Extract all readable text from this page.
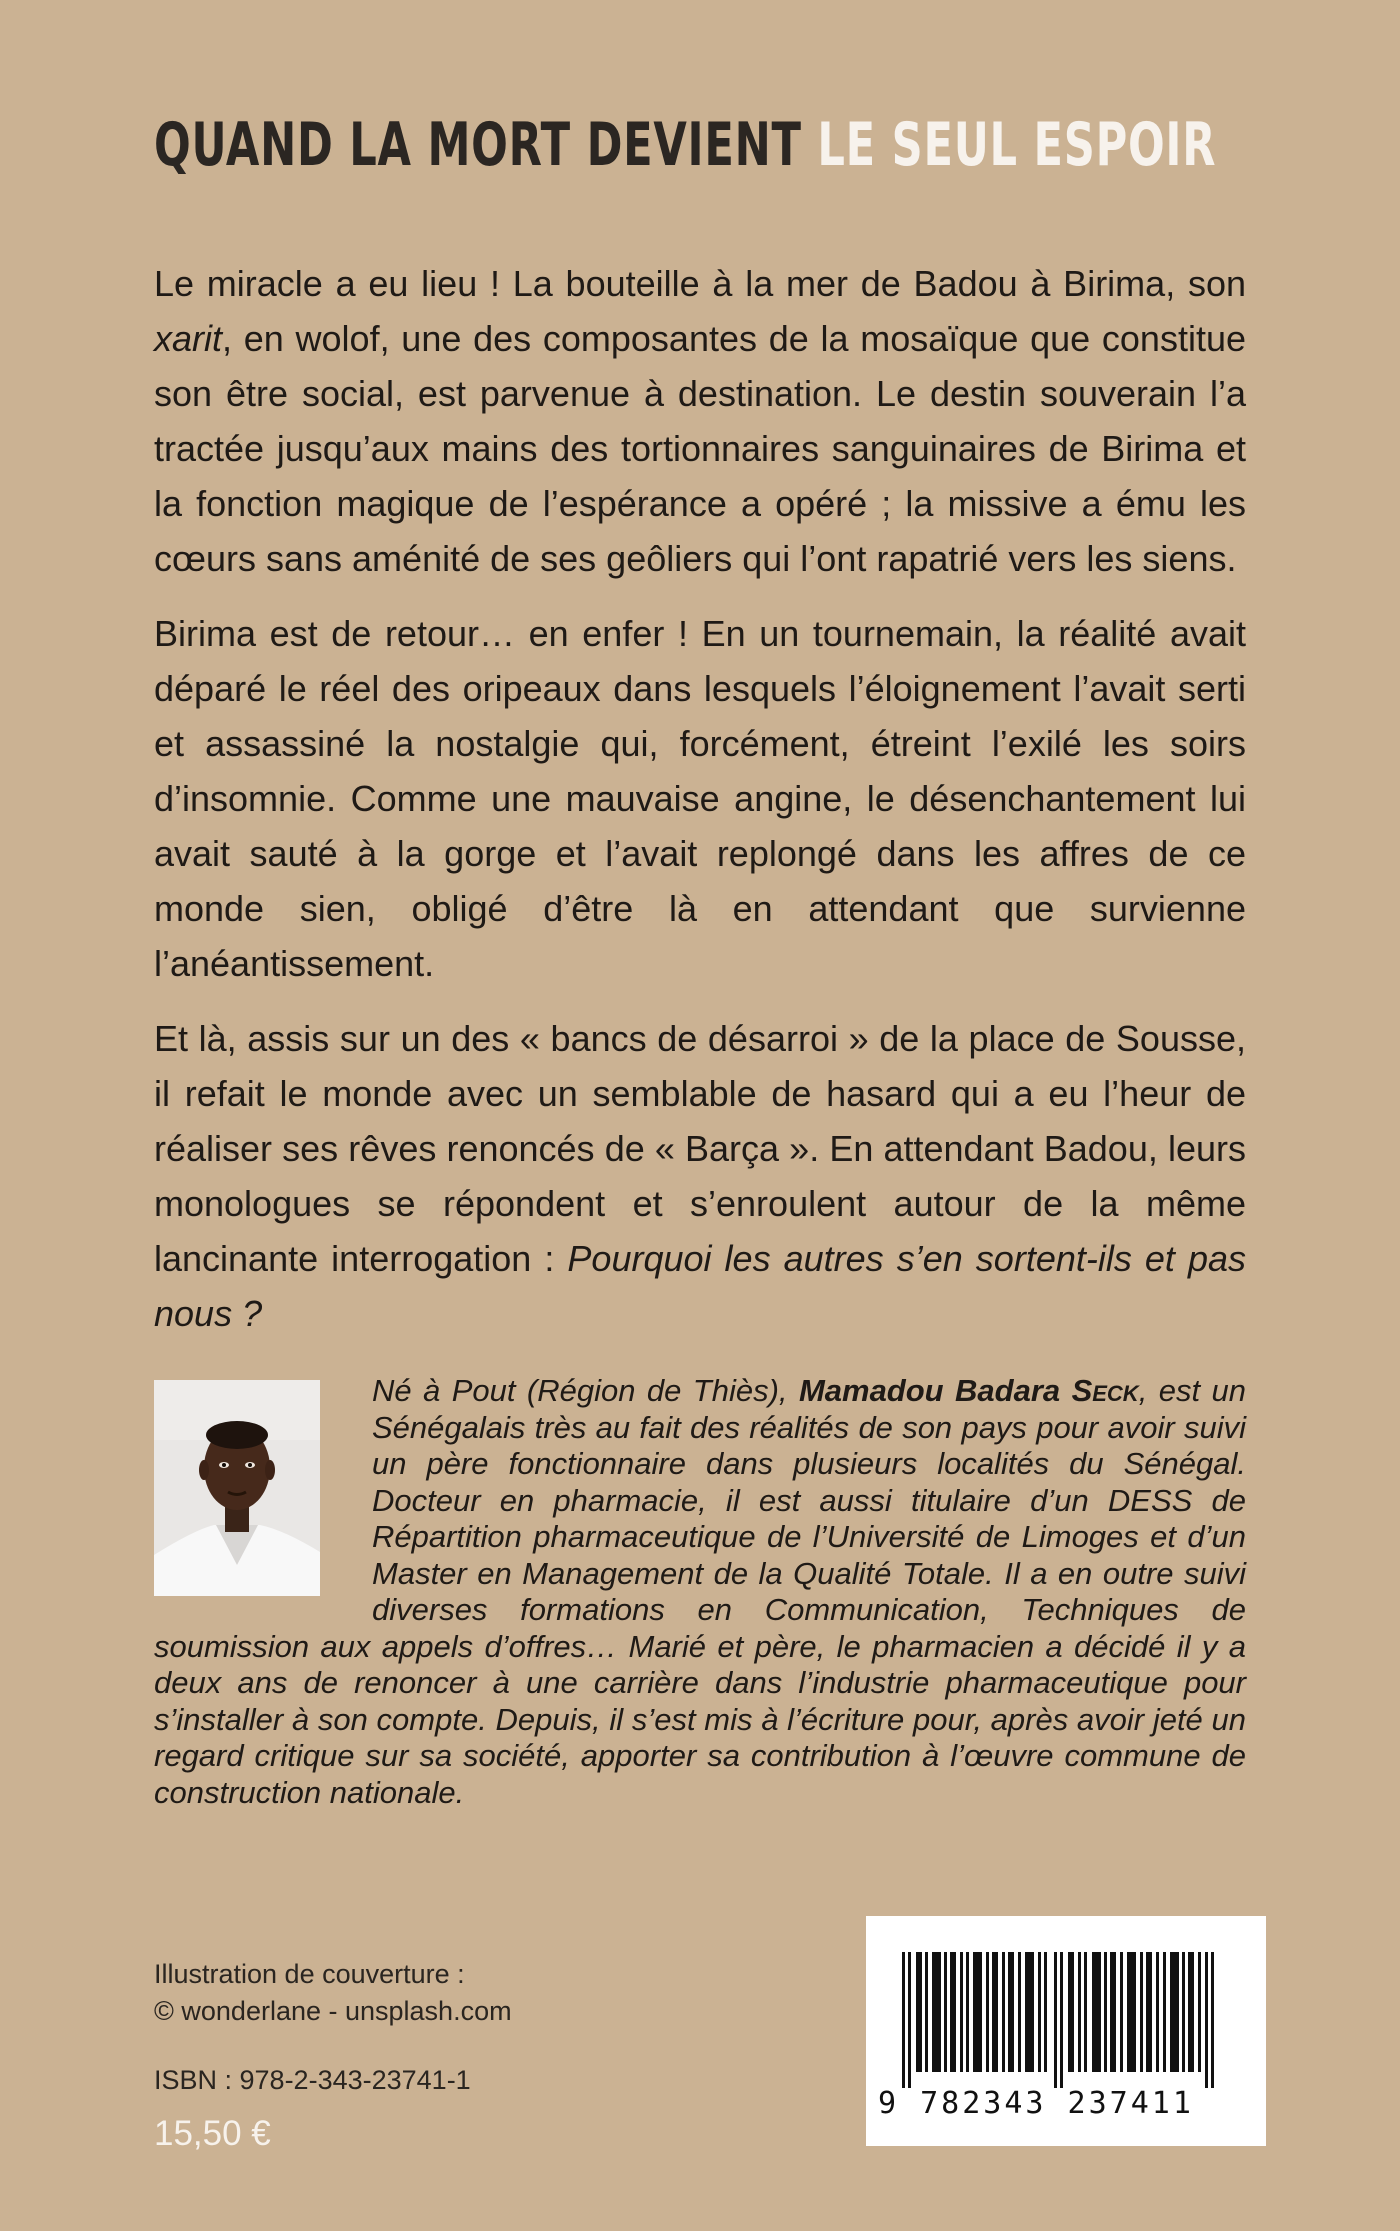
QUAND LA MORT DEVIENT LE SEUL ESPOIR

Le miracle a eu lieu ! La bouteille à la mer de Badou à Birima, son xarit, en wolof, une des composantes de la mosaïque que constitue son être social, est parvenue à destination. Le destin souverain l’a tractée jusqu’aux mains des tortionnaires sanguinaires de Birima et la fonction magique de l’espérance a opéré ; la missive a ému les cœurs sans aménité de ses geôliers qui l’ont rapatrié vers les siens.

Birima est de retour… en enfer ! En un tournemain, la réalité avait déparé le réel des oripeaux dans lesquels l’éloignement l’avait serti et assassiné la nostalgie qui, forcément, étreint l’exilé les soirs d’insomnie. Comme une mauvaise angine, le désenchantement lui avait sauté à la gorge et l’avait replongé dans les affres de ce monde sien, obligé d’être là en attendant que survienne l’anéantissement.

Et là, assis sur un des « bancs de désarroi » de la place de Sousse, il refait le monde avec un semblable de hasard qui a eu l’heur de réaliser ses rêves renoncés de « Barça ». En attendant Badou, leurs monologues se répondent et s’enroulent autour de la même lancinante interrogation : Pourquoi les autres s’en sortent-ils et pas nous ?

Né à Pout (Région de Thiès), Mamadou Badara Seck, est un Sénégalais très au fait des réalités de son pays pour avoir suivi un père fonctionnaire dans plusieurs localités du Sénégal. Docteur en pharmacie, il est aussi titulaire d’un DESS de Répartition pharmaceutique de l’Université de Limoges et d’un Master en Management de la Qualité Totale. Il a en outre suivi diverses formations en Communication, Techniques de soumission aux appels d’offres… Marié et père, le pharmacien a décidé il y a deux ans de renoncer à une carrière dans l’industrie pharmaceutique pour s’installer à son compte. Depuis, il s’est mis à l’écriture pour, après avoir jeté un regard critique sur sa société, apporter sa contribution à l’œuvre commune de construction nationale.
Illustration de couverture :
© wonderlane - unsplash.com
ISBN : 978-2-343-23741-1
15,50 €
9 782343 237411
